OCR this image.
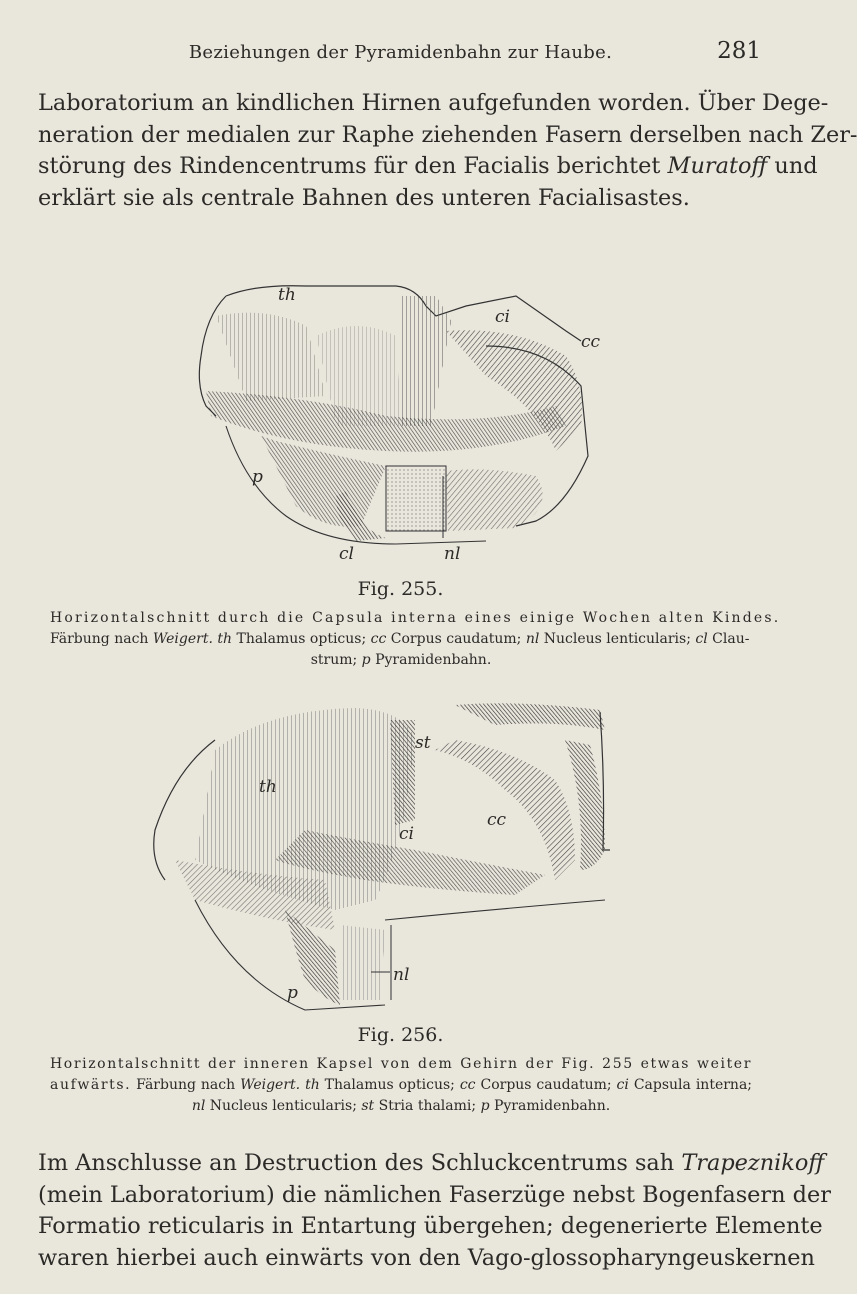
Beziehungen der Pyramidenbahn zur Haube.	281
Laboratorium an kindlichen Hirnen aufgefunden worden. Über Dege-
neration der medialen zur Raphe ziehenden Fasern derselben nach Zer-
störung des Rindencentrums für den Facialis berichtet Muratoff und
erklärt sie als centrale Bahnen des unteren Facialisastes.
th
ci
cc
p
cl	nl
Fig. 255.
Horizontalschnitt durch die Capsula interna eines einige Wochen alten Kindes.
Färbung nach Weigert. th Thalamus opticus; cc Corpus caudatum; nl Nucleus lenticularis; cl Clau-
strum; p Pyramidenbahn.
st
th
cc
ci
p
nl
Fig. 256.
Horizontalschnitt der inneren Kapsel von dem Gehirn der Fig. 255 etwas weiter
aufwärts. Färbung nach Weigert. th Thalamus opticus; cc Corpus caudatum; ci Capsula interna;
nl Nucleus lenticularis; st Stria thalami; p Pyramidenbahn.
Im Anschlusse an Destruction des Schluckcentrums sah Trapeznikoff
(mein Laboratorium) die nämlichen Faserzüge nebst Bogenfasern der
Formatio reticularis in Entartung übergehen; degenerierte Elemente
waren hierbei auch einwärts von den Vago-glossopharyngeuskernen
